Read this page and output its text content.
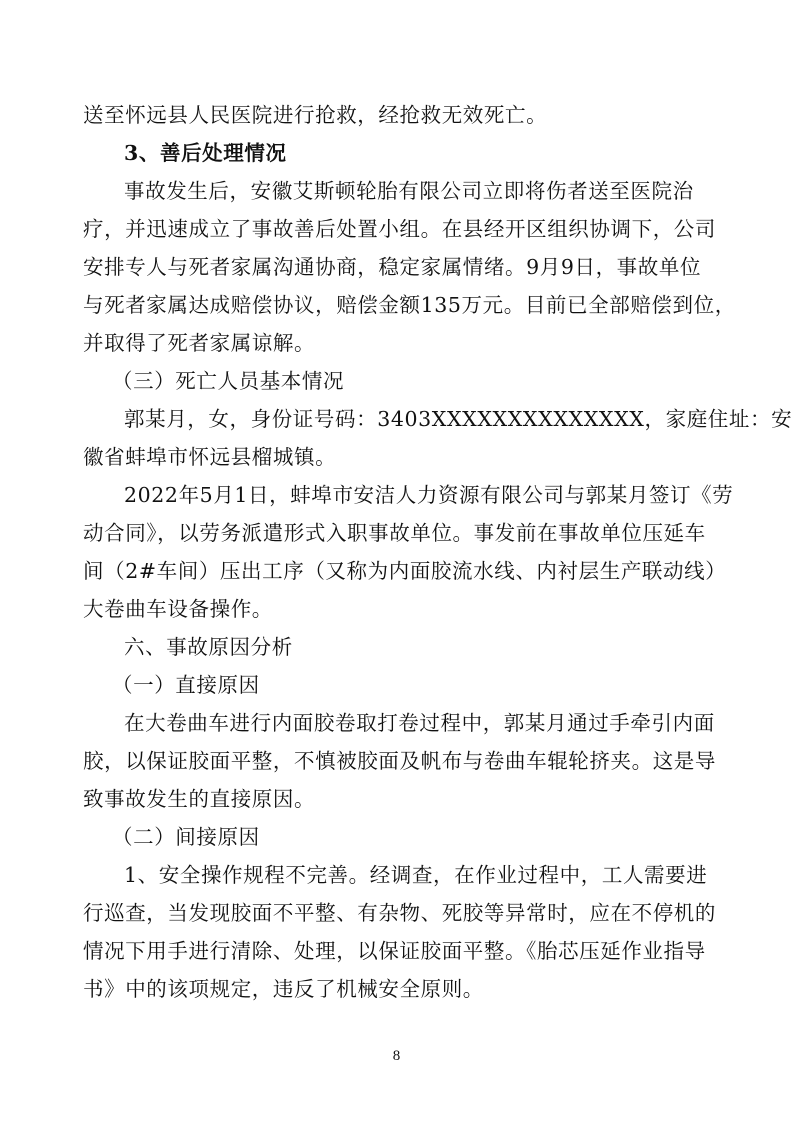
送至怀远县人民医院进行抢救，经抢救无效死亡。
3、善后处理情况
事故发生后，安徽艾斯顿轮胎有限公司立即将伤者送至医院治
疗，并迅速成立了事故善后处置小组。在县经开区组织协调下，公司
安排专人与死者家属沟通协商，稳定家属情绪。9月9日，事故单位
与死者家属达成赔偿协议，赔偿金额135万元。目前已全部赔偿到位，
并取得了死者家属谅解。
（三）死亡人员基本情况
郭某月，女，身份证号码：3403XXXXXXXXXXXXXX，家庭住址：安
徽省蚌埠市怀远县榴城镇。
2022年5月1日，蚌埠市安洁人力资源有限公司与郭某月签订《劳
动合同》，以劳务派遣形式入职事故单位。事发前在事故单位压延车
间（2#车间）压出工序（又称为内面胶流水线、内衬层生产联动线）
大卷曲车设备操作。
六、事故原因分析
（一）直接原因
在大卷曲车进行内面胶卷取打卷过程中，郭某月通过手牵引内面
胶，以保证胶面平整，不慎被胶面及帆布与卷曲车辊轮挤夹。这是导
致事故发生的直接原因。
（二）间接原因
1、安全操作规程不完善。经调查，在作业过程中，工人需要进
行巡查，当发现胶面不平整、有杂物、死胶等异常时，应在不停机的
情况下用手进行清除、处理，以保证胶面平整。《胎芯压延作业指导
书》中的该项规定，违反了机械安全原则。
8
